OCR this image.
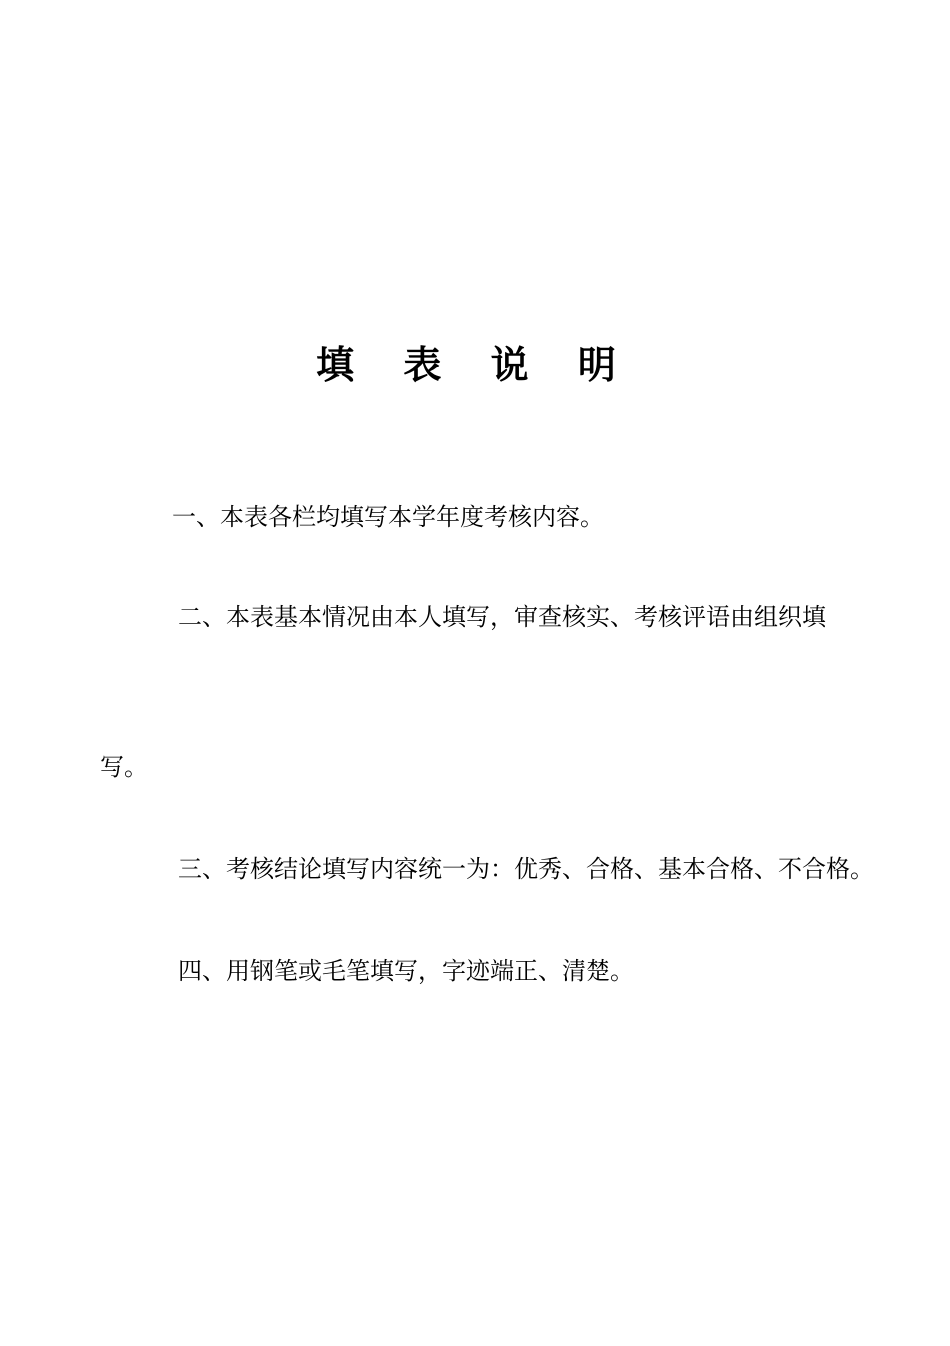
填 表 说 明
一、本表各栏均填写本学年度考核内容。
二、本表基本情况由本人填写，审查核实、考核评语由组织填
写。
三、考核结论填写内容统一为：优秀、合格、基本合格、不合格。
四、用钢笔或毛笔填写，字迹端正、清楚。
